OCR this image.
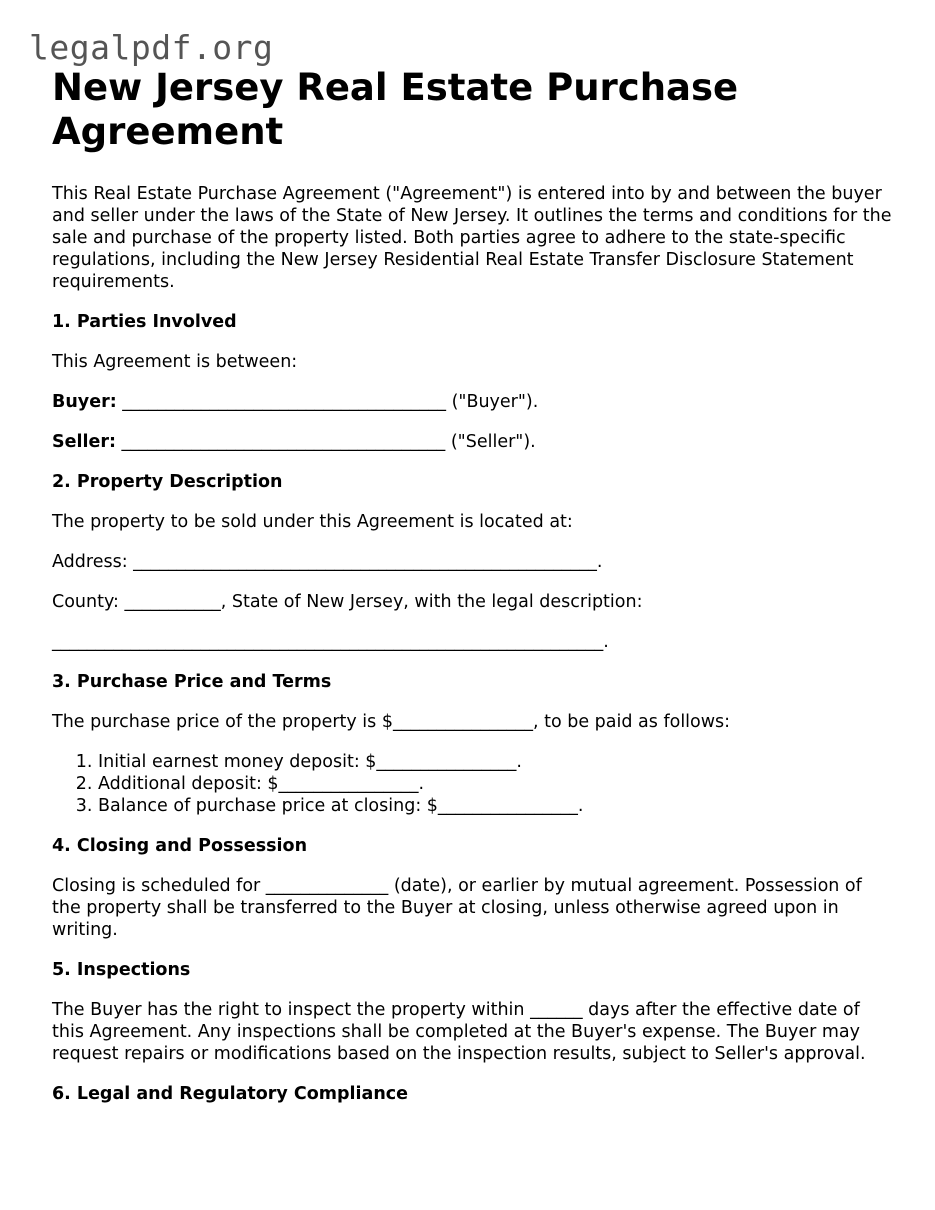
legalpdf.org
New Jersey Real Estate Purchase Agreement

This Real Estate Purchase Agreement ("Agreement") is entered into by and between the buyer and seller under the laws of the State of New Jersey. It outlines the terms and conditions for the sale and purchase of the property listed. Both parties agree to adhere to the state-specific regulations, including the New Jersey Residential Real Estate Transfer Disclosure Statement requirements.

1. Parties Involved

This Agreement is between:

Buyer: _____________________________________ ("Buyer").

Seller: _____________________________________ ("Seller").

2. Property Description

The property to be sold under this Agreement is located at:

Address: _____________________________________________________.

County: ___________, State of New Jersey, with the legal description:

_______________________________________________________________.

3. Purchase Price and Terms

The purchase price of the property is $________________, to be paid as follows:

1. Initial earnest money deposit: $________________.
2. Additional deposit: $________________.
3. Balance of purchase price at closing: $________________.
4. Closing and Possession

Closing is scheduled for ______________ (date), or earlier by mutual agreement. Possession of the property shall be transferred to the Buyer at closing, unless otherwise agreed upon in writing.

5. Inspections

The Buyer has the right to inspect the property within ______ days after the effective date of this Agreement. Any inspections shall be completed at the Buyer's expense. The Buyer may request repairs or modifications based on the inspection results, subject to Seller's approval.

6. Legal and Regulatory Compliance
